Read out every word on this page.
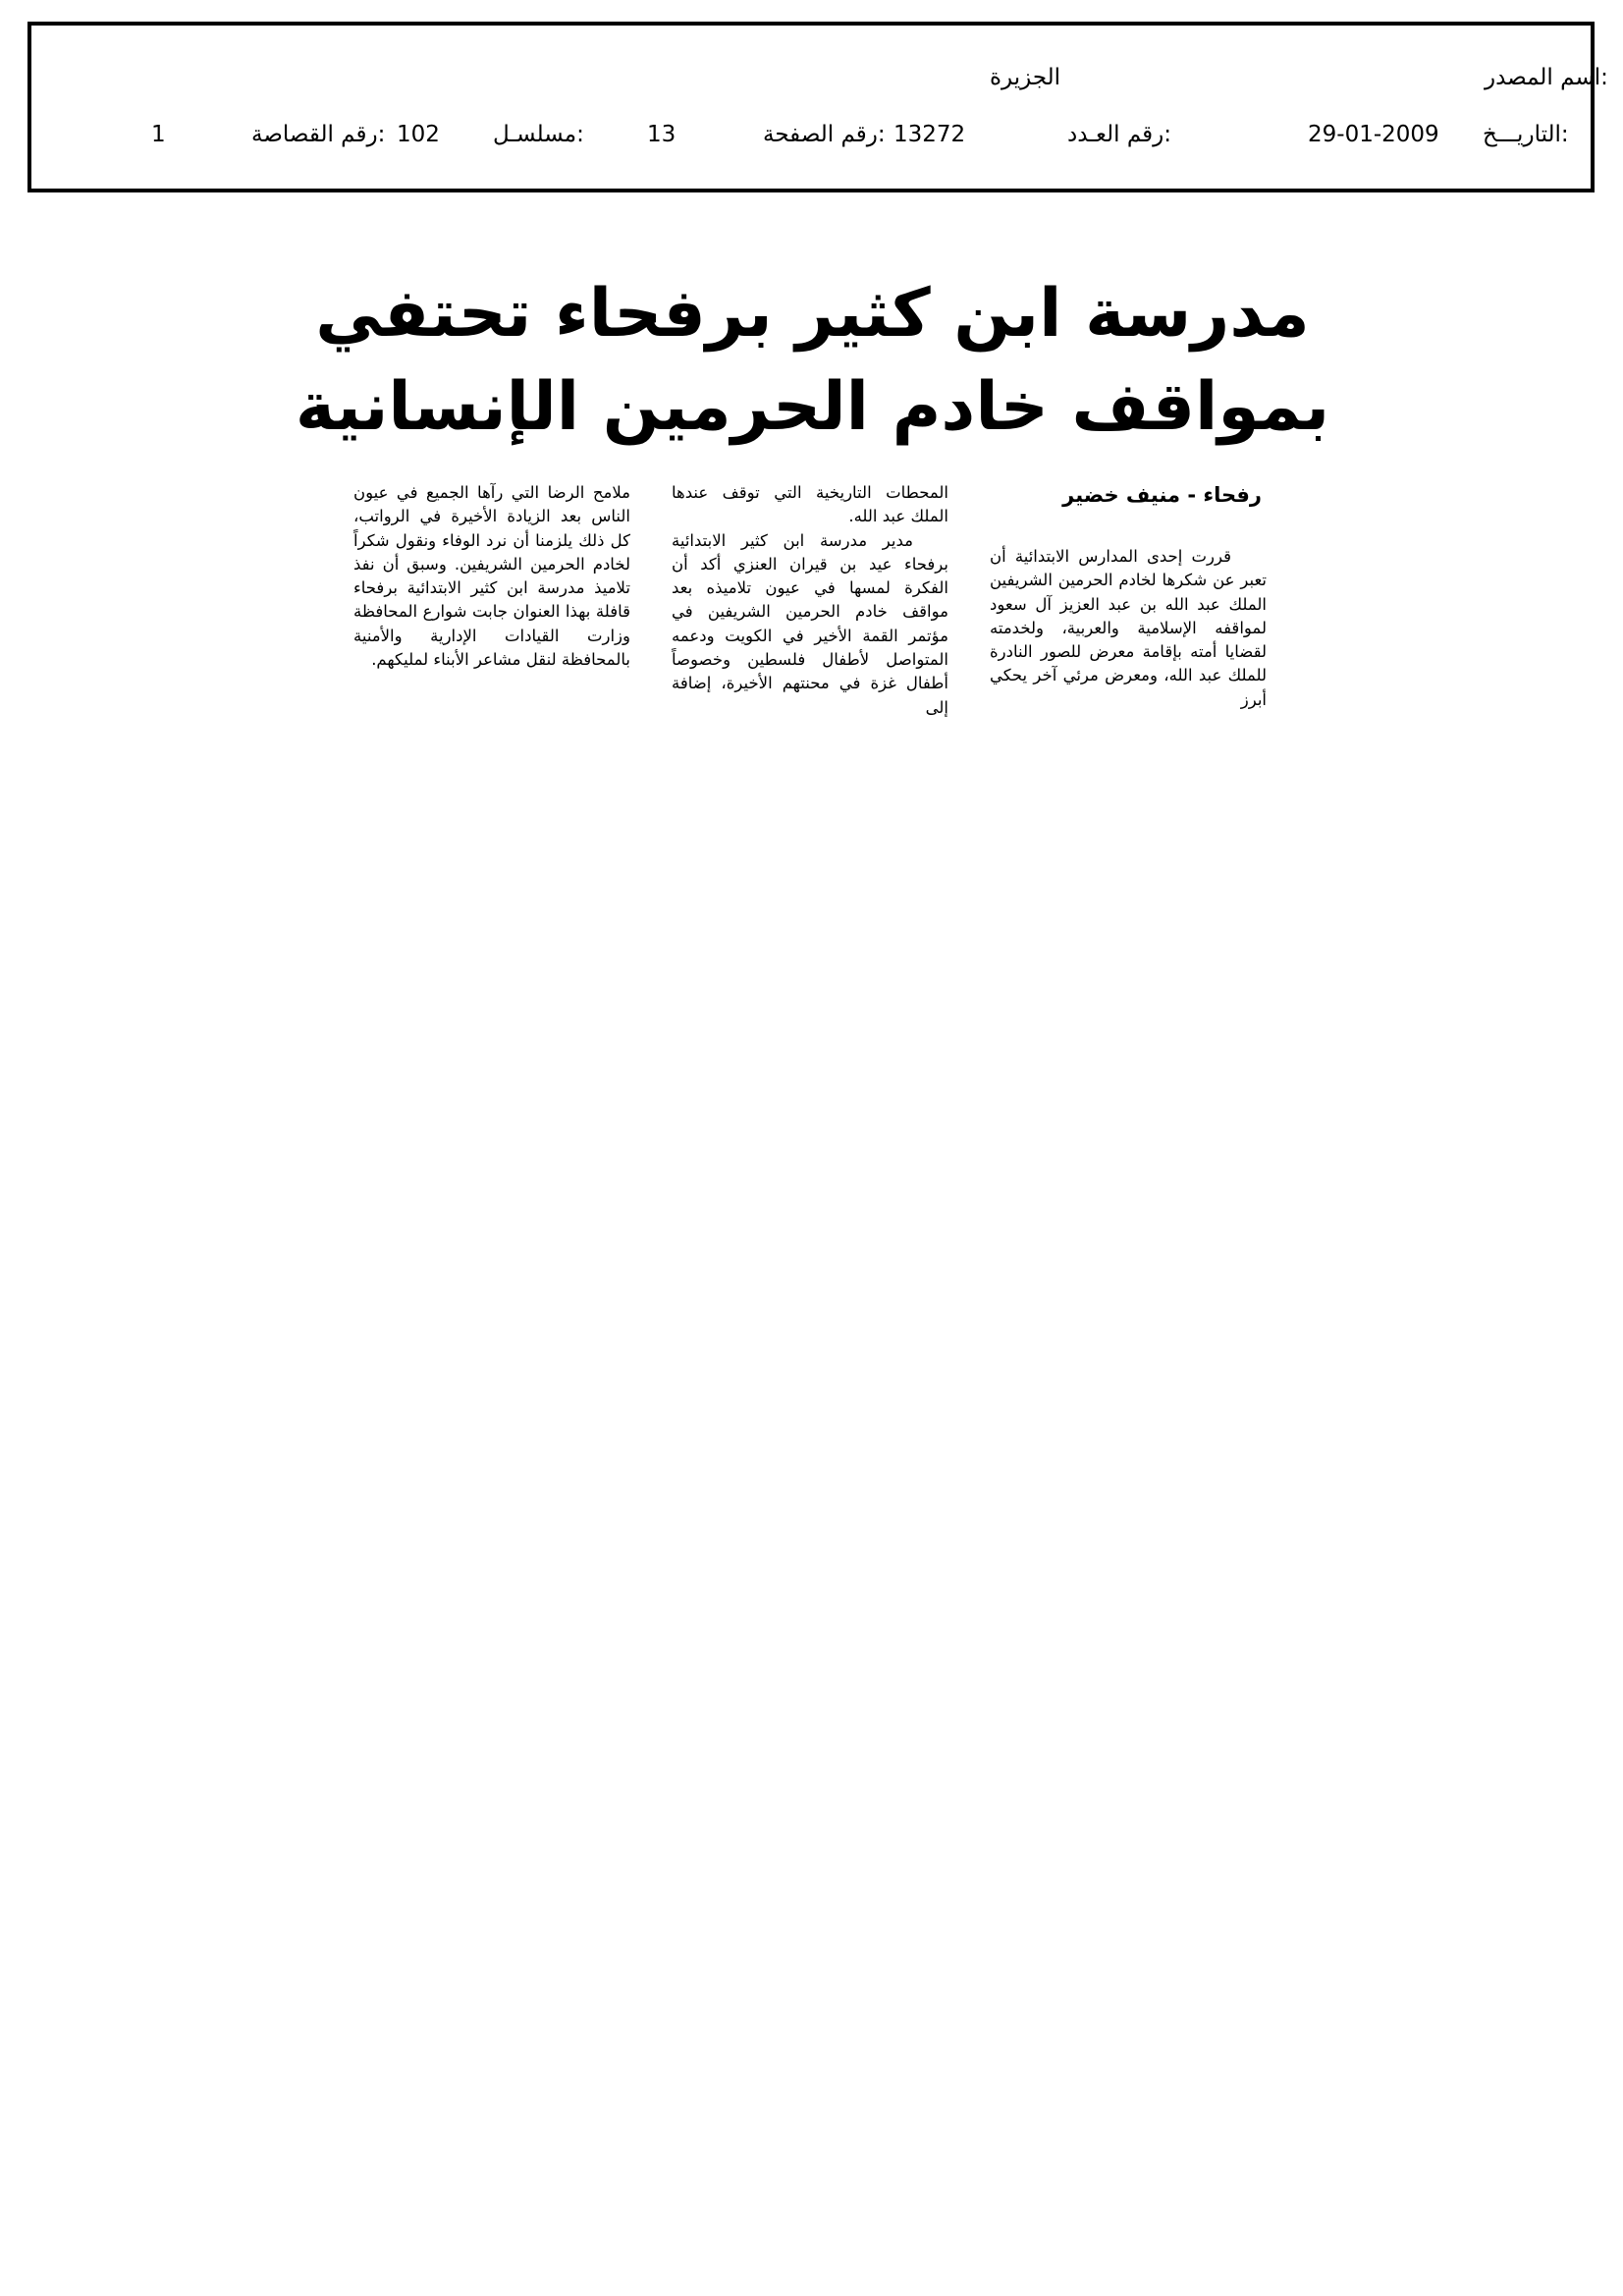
اسم المصدر:
الجزيرة
التاريـــخ:
29-01-2009
رقم العـدد:
13272
رقم الصفحة:
13
مسلسـل:
102
رقم القصاصة:
1
مدرسة ابن كثير برفحاء تحتفي
بمواقف خادم الحرمين الإنسانية
رفحاء - منيف خضير

قررت إحدى المدارس الابتدائية أن تعبر عن شكرها لخادم الحرمين الشريفين الملك عبد الله بن عبد العزيز آل سعود لمواقفه الإسلامية والعربية، ولخدمته لقضايا أمته بإقامة معرض للصور النادرة للملك عبد الله، ومعرض مرئي آخر يحكي أبرز

المحطات التاريخية التي توقف عندها الملك عبد الله.

مدير مدرسة ابن كثير الابتدائية برفحاء عيد بن قيران العنزي أكد أن الفكرة لمسها في عيون تلاميذه بعد مواقف خادم الحرمين الشريفين في مؤتمر القمة الأخير في الكويت ودعمه المتواصل لأطفال فلسطين وخصوصاً أطفال غزة في محنتهم الأخيرة، إضافة إلى

ملامح الرضا التي رآها الجميع في عيون الناس بعد الزيادة الأخيرة في الرواتب، كل ذلك يلزمنا أن نرد الوفاء ونقول شكراً لخادم الحرمين الشريفين. وسبق أن نفذ تلاميذ مدرسة ابن كثير الابتدائية برفحاء قافلة بهذا العنوان جابت شوارع المحافظة وزارت القيادات الإدارية والأمنية بالمحافظة لنقل مشاعر الأبناء لمليكهم.
